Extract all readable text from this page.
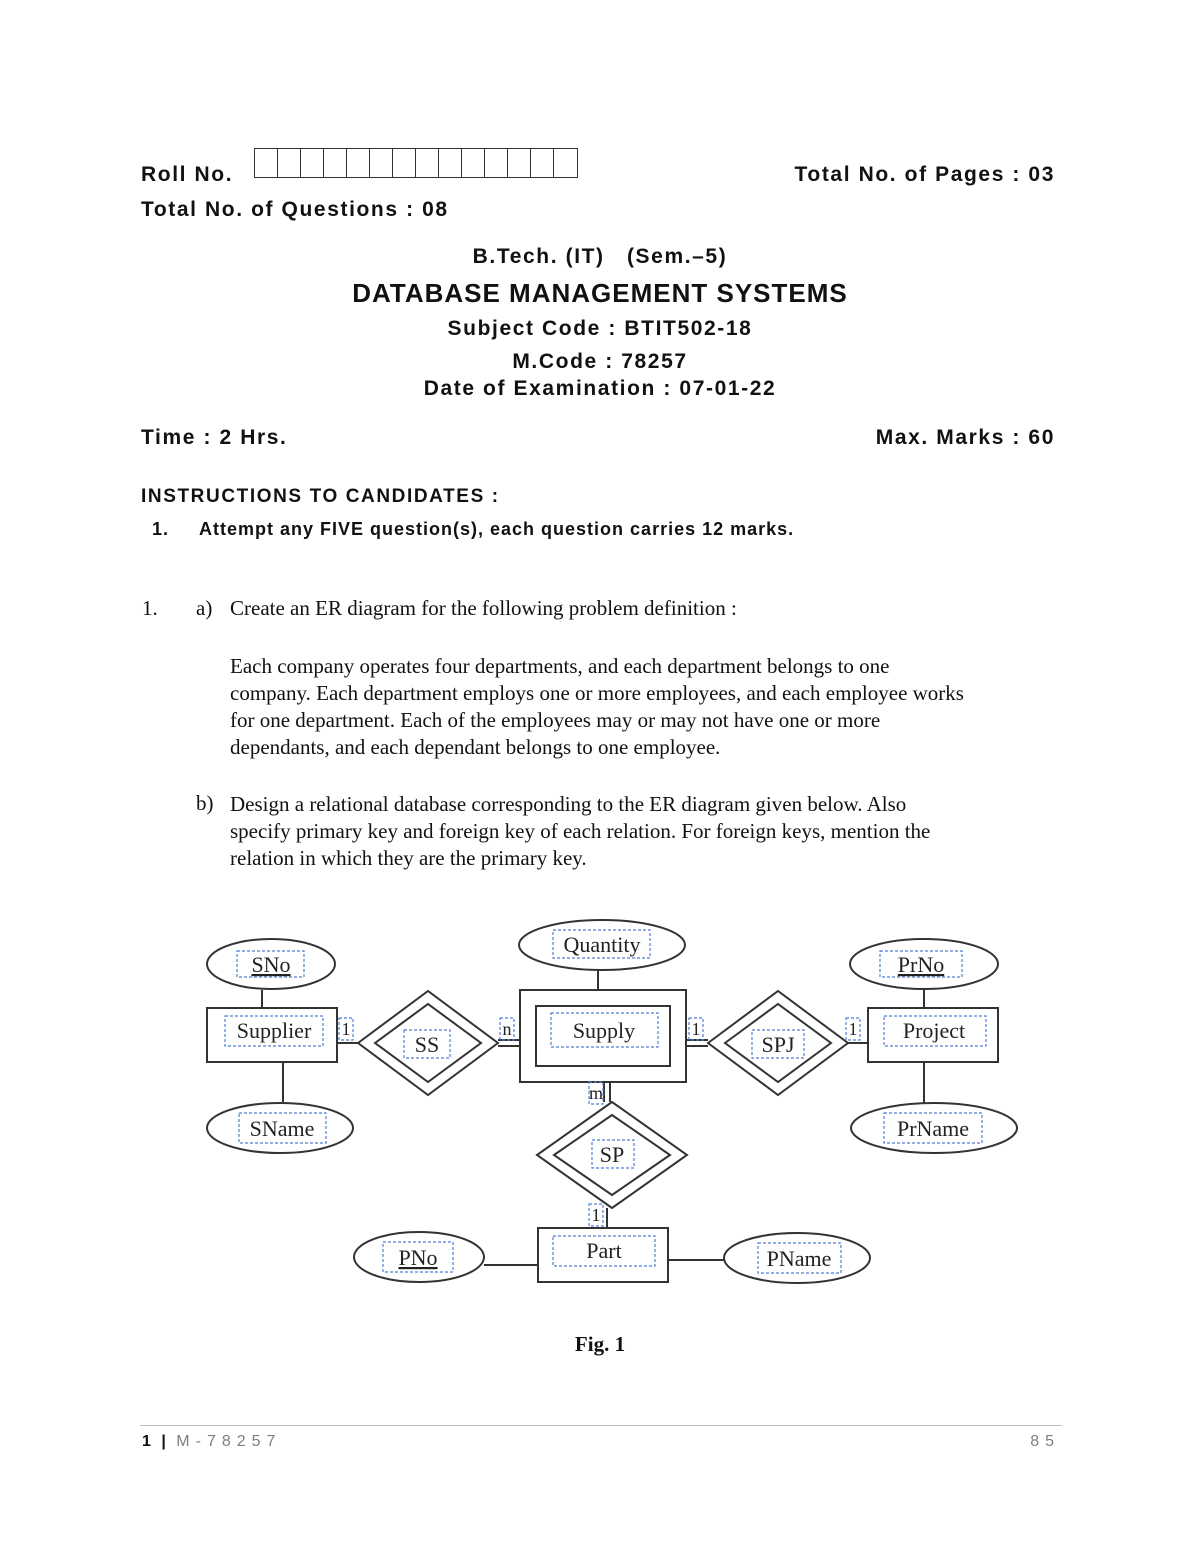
Roll No.	Total No. of Pages : 03
Total No. of Questions : 08
B.Tech. (IT) (Sem.–5)
DATABASE MANAGEMENT SYSTEMS
Subject Code : BTIT502-18
M.Code : 78257
Date of Examination : 07-01-22
Time : 2 Hrs.	Max. Marks : 60
INSTRUCTIONS TO CANDIDATES :
1. Attempt any FIVE question(s), each question carries 12 marks.
1. a) Create an ER diagram for the following problem definition :
Each company operates four departments, and each department belongs to one
company. Each department employs one or more employees, and each employee works
for one department. Each of the employees may or may not have one or more
dependants, and each dependant belongs to one employee.
b) Design a relational database corresponding to the ER diagram given below. Also
specify primary key and foreign key of each relation. For foreign keys, mention the
relation in which they are the primary key.
SNo
Supplier
SName
Quantity
Supply
PrNo
Project
PrName
PNo	PName
Part
SS	SPJ
SP
1	n	1	1
m
1
Fig. 1
1 | M-78257	85
